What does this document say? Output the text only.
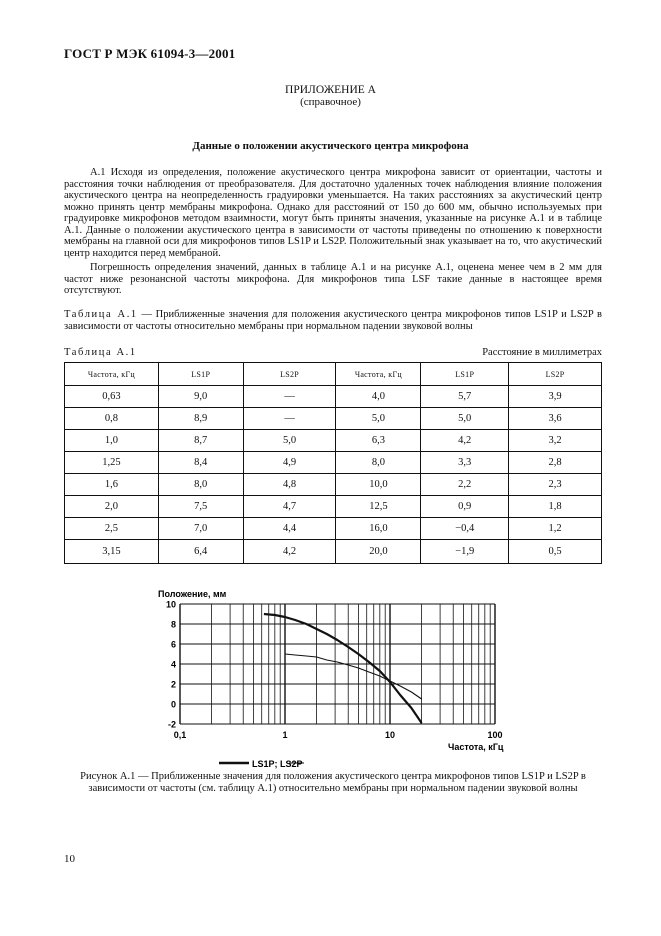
ГОСТ Р МЭК 61094-3—2001
ПРИЛОЖЕНИЕ А
(справочное)
Данные о положении акустического центра микрофона

А.1 Исходя из определения, положение акустического центра микрофона зависит от ориентации, частоты и расстояния точки наблюдения от преобразователя. Для достаточно удаленных точек наблюдения влияние положения акустического центра на неопределенность градуировки уменьшается. На таких расстояниях за акустический центр можно принять центр мембраны микрофона. Однако для расстояний от 150 до 600 мм, обычно используемых при градуировке микрофонов методом взаимности, могут быть приняты значения, указанные на рисунке А.1 и в таблице А.1. Данные о положении акустического центра в зависимости от частоты приведены по отношению к поверхности мембраны на главной оси для микрофонов типов LS1P и LS2P. Положительный знак указывает на то, что акустический центр находится перед мембраной.

Погрешность определения значений, данных в таблице А.1 и на рисунке А.1, оценена менее чем в 2 мм для частот ниже резонансной частоты микрофона. Для микрофонов типа LSF такие данные в настоящее время отсутствуют.

Таблица А.1 — Приближенные значения для положения акустического центра микрофонов типов LS1P и LS2P в зависимости от частоты относительно мембраны при нормальном падении звуковой волны

Таблица А.1	Расстояние в миллиметрах
Частота, кГц	LS1P	LS2P	Частота, кГц	LS1P	LS2P
0,63	9,0	—	4,0	5,7	3,9
0,8	8,9	—	5,0	5,0	3,6
1,0	8,7	5,0	6,3	4,2	3,2
1,25	8,4	4,9	8,0	3,3	2,8
1,6	8,0	4,8	10,0	2,2	2,3
2,0	7,5	4,7	12,5	0,9	1,8
2,5	7,0	4,4	16,0	−0,4	1,2
3,15	6,4	4,2	20,0	−1,9	0,5
Положение, мм
-2
0
2
4
6
8
10
0,1	1	10	100
Частота, кГц
LS1P; LS2P

Рисунок А.1 — Приближенные значения для положения акустического центра микрофонов типов LS1P и LS2P в зависимости от частоты (см. таблицу А.1) относительно мембраны при нормальном падении звуковой волны

10
